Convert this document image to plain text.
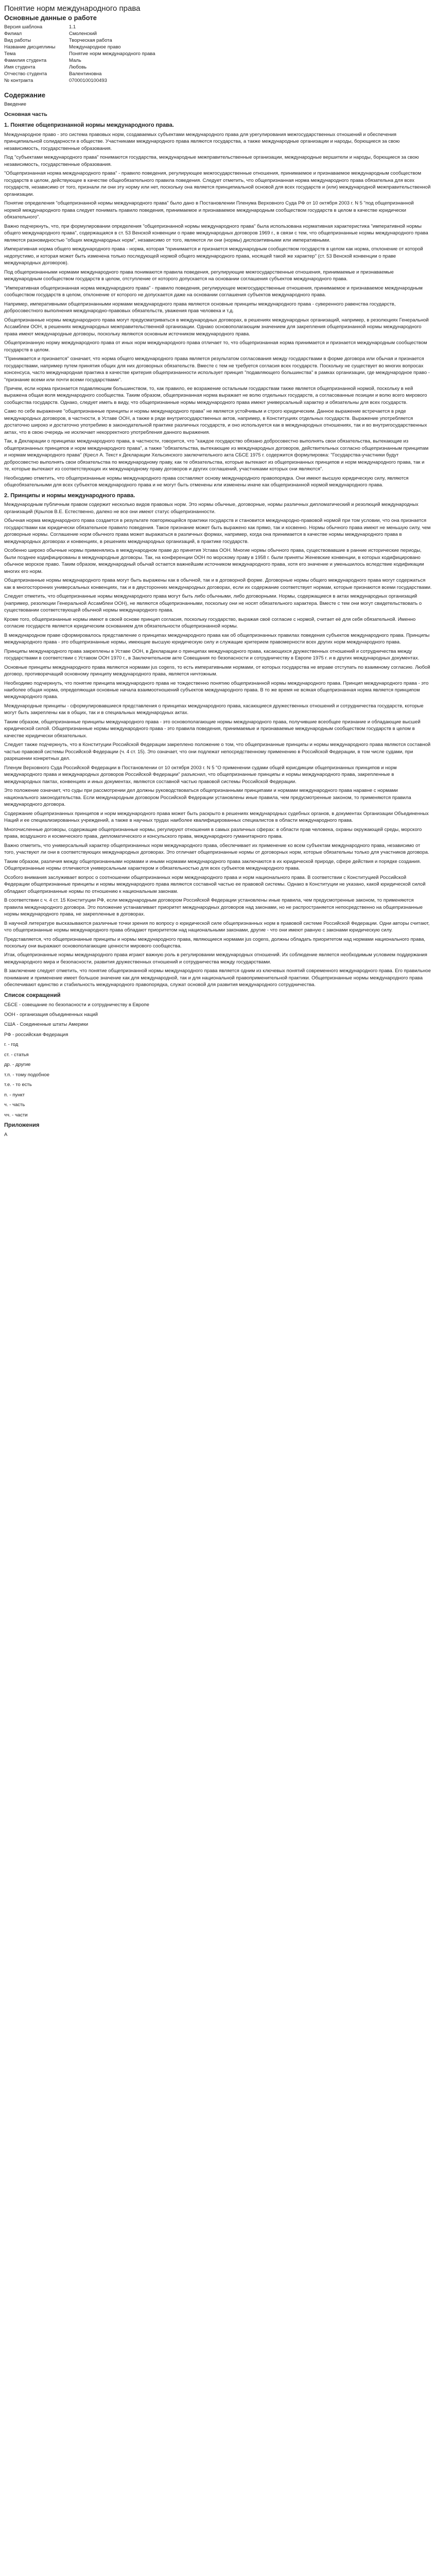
Понятие норм международного права
Основные данные о работе
Версия шаблона	1.1
Филиал	Смоленский
Вид работы	Творческая работа
Название дисциплины	Международное право
Тема	Понятие норм международного права
Фамилия студента	Маль
Имя студента	Любовь
Отчество студента	Валентиновна
№ контракта	07000100100493
Содержание

Введение

Основная часть
1. Понятие общепризнанной нормы международного права.

Международное право - это система правовых норм, создаваемых субъектами международного права для урегулирования межгосударственных отношений и обеспечения принципиальной солидарности в обществе. Участниками международного права являются государства, а также международные организации и народы, борющиеся за свою независимость, государственные образования.

Под "субъектами международного права" понимаются государства, международные межправительственные организации, международные вершители и народы, борющиеся за свою независимость, государственные образования.

"Общепризнанная норма международного права" - правило поведения, регулирующее межгосударственные отношения, принимаемое и признаваемое международным сообществом государств в целом, действующее в качестве общеобязательного правила поведения. Следует отметить, что общепризнанная норма международного права обязательна для всех государств, независимо от того, признали ли они эту норму или нет, поскольку она является принципиальной основой для всех государств и (или) международной межправительственной организации.

Понятие определения "общепризнанной нормы международного права" было дано в Постановлении Пленума Верховного Суда РФ от 10 октября 2003 г. N 5 "под общепризнанной нормой международного права следует понимать правило поведения, принимаемое и признаваемое международным сообществом государств в целом в качестве юридически обязательного".

Важно подчеркнуть, что, при формулировании определения "общепризнанной нормы международного права" была использована нормативная характеристика "императивной нормы общего международного права", содержащаяся в ст. 53 Венской конвенции о праве международных договоров 1969 г., в связи с тем, что общепризнанные нормы международного права являются разновидностью "общих международных норм", независимо от того, являются ли они (нормы) диспозитивными или императивными.

Императивная норма общего международного права - норма, которая "принимается и признается международным сообществом государств в целом как норма, отклонение от которой недопустимо, и которая может быть изменена только последующей нормой общего международного права, носящей такой же характер" (ст. 53 Венской конвенции о праве международных договоров).

Под общепризнанными нормами международного права понимаются правила поведения, регулирующие межгосударственные отношения, принимаемые и признаваемые международным сообществом государств в целом, отступление от которого допускается на основании соглашения субъектов международного права.

"Императивная общепризнанная норма международного права" - правило поведения, регулирующее межгосударственные отношения, принимаемое и признаваемое международным сообществом государств в целом, отклонение от которого не допускается даже на основании соглашения субъектов международного права.

Например, императивными общепризнанными нормами международного права являются основные принципы международного права - суверенного равенства государств, добросовестного выполнения международно-правовых обязательств, уважения прав человека и т.д.

Общепризнанные нормы международного права могут предусматриваться в международных договорах, в решениях международных организаций, например, в резолюциях Генеральной Ассамблеи ООН, в решениях международных межправительственной организации. Однако основополагающим значением для закрепления общепризнанной нормы международного права имеют международные договоры, поскольку являются основным источником международного права.

Общепризнанную норму международного права от иных норм международного права отличает то, что общепризнанная норма принимается и признается международным сообществом государств в целом.

"Принимается и признается" означает, что норма общего международного права является результатом согласования между государствами в форме договора или обычая и признается государствами, например путем принятия общих для них договорных обязательств. Вместе с тем не требуется согласия всех государств. Поскольку не существует во многих вопросах консенсуса, часто международная практика в качестве критерия общепризнанности использует принцип "подавляющего большинства" в рамках организации, где международное право - "признание всеми или почти всеми государствами".

Причем, если норма признается подавляющим большинством, то, как правило, ее возражение остальным государствам также является общепризнанной нормой, поскольку в ней выражена общая воля международного сообщества. Таким образом, общепризнанная норма выражает не волю отдельных государств, а согласованные позиции и волю всего мирового сообщества государств. Однако, следует иметь в виду, что общепризнанные нормы международного права имеют универсальный характер и обязательны для всех государств.

Само по себе выражение "общепризнанные принципы и нормы международного права" не является устойчивым и строго юридическим. Данное выражение встречается в ряде международных договоров, в частности, в Уставе ООН, а также в ряде внутригосударственных актов, например, в Конституциях отдельных государств. Выражение употребляется достаточно широко и достаточно употребимо в законодательной практике различных государств, и оно используется как в международных отношениях, так и во внутригосударственных актах, что в свою очередь не исключает некорректного употребления данного выражения.

Так, в Декларации о принципах международного права, в частности, говорится, что "каждое государство обязано добросовестно выполнять свои обязательства, вытекающие из общепризнанных принципов и норм международного права", а также "обязательства, вытекающие из международных договоров, действительных согласно общепризнанным принципам и нормам международного права" (Кресл А. Текст к Декларации Хельсинского заключительного акта СБСЕ 1975 г. содержится формулировка: "Государства-участники будут добросовестно выполнять свои обязательства по международному праву, как те обязательства, которые вытекают из общепризнанных принципов и норм международного права, так и те, которые вытекают из соответствующих их международному праву договоров и других соглашений, участниками которых они являются".

Необходимо отметить, что общепризнанные нормы международного права составляют основу международного правопорядка. Они имеют высшую юридическую силу, являются общеобязательными для всех субъектов международного права и не могут быть отменены или изменены иначе как общепризнанной нормой международного права.

2. Принципы и нормы международного права.

Международным публичным правом содержит несколько видов правовых норм. Это нормы обычные, договорные, нормы различных дипломатический и резолюций международных организаций (Крылов В.Е. Естественно, далеко не все они имеют статус общепризнанности.

Обычная норма международного права создается в результате повторяющейся практики государств и становится международно-правовой нормой при том условии, что она признается государствами как юридически обязательное правило поведения. Такое признание может быть выражено как прямо, так и косвенно. Нормы обычного права имеют не меньшую силу, чем договорные нормы. Соглашение норм обычного права может выражаться в различных формах, например, когда она принимается в качестве нормы международного права в международных договорах и конвенциях, в решениях международных организаций, в практике государств.

Особенно широко обычные нормы применялись в международном праве до принятия Устава ООН. Многие нормы обычного права, существовавшие в ранние исторические периоды, были позднее кодифицированы в международные договоры. Так, на конференции ООН по морскому праву в 1958 г. были приняты Женевские конвенции, в которых кодифицировано обычное морское право. Таким образом, международный обычай остается важнейшим источником международного права, хотя его значение и уменьшилось вследствие кодификации многих его норм.

Общепризнанные нормы международного права могут быть выражены как в обычной, так и в договорной форме. Договорные нормы общего международного права могут содержаться как в многосторонних универсальных конвенциях, так и в двусторонних международных договорах, если их содержание соответствует нормам, которые признаются всеми государствами.

Следует отметить, что общепризнанные нормы международного права могут быть либо обычными, либо договорными. Нормы, содержащиеся в актах международных организаций (например, резолюции Генеральной Ассамблеи ООН), не являются общепризнанными, поскольку они не носят обязательного характера. Вместе с тем они могут свидетельствовать о существовании соответствующей обычной нормы международного права.

Кроме того, общепризнанные нормы имеют в своей основе принцип согласия, поскольку государство, выражая своё согласие с нормой, считает её для себя обязательной. Именно согласие государств является юридическим основанием для обязательности общепризнанной нормы.

В международном праве сформировалось представление о принципах международного права как об общепризнанных правилах поведения субъектов международного права. Принципы международного права - это общепризнанные нормы, имеющие высшую юридическую силу и служащие критерием правомерности всех других норм международного права.

Принципы международного права закреплены в Уставе ООН, в Декларации о принципах международного права, касающихся дружественных отношений и сотрудничества между государствами в соответствии с Уставом ООН 1970 г., в Заключительном акте Совещания по безопасности и сотрудничеству в Европе 1975 г. и в других международных документах.

Основные принципы международного права являются нормами jus cogens, то есть императивными нормами, от которых государства не вправе отступать по взаимному согласию. Любой договор, противоречащий основному принципу международного права, является ничтожным.

Необходимо подчеркнуть, что понятие принципа международного права не тождественно понятию общепризнанной нормы международного права. Принцип международного права - это наиболее общая норма, определяющая основные начала взаимоотношений субъектов международного права. В то же время не всякая общепризнанная норма является принципом международного права.

Международные принципы - сформулировавшиеся представления о принципах международного права, касающиеся дружественных отношений и сотрудничества государств, которые могут быть закреплены как в общих, так и в специальных международных актах.

Таким образом, общепризнанные принципы международного права - это основополагающие нормы международного права, получившие всеобщее признание и обладающие высшей юридической силой. Общепризнанные нормы международного права - это правила поведения, принимаемые и признаваемые международным сообществом государств в целом в качестве юридически обязательных.

Следует также подчеркнуть, что в Конституции Российской Федерации закреплено положение о том, что общепризнанные принципы и нормы международного права являются составной частью правовой системы Российской Федерации (ч. 4 ст. 15). Это означает, что они подлежат непосредственному применению в Российской Федерации, в том числе судами, при разрешении конкретных дел.

Пленум Верховного Суда Российской Федерации в Постановлении от 10 октября 2003 г. N 5 "О применении судами общей юрисдикции общепризнанных принципов и норм международного права и международных договоров Российской Федерации" разъяснил, что общепризнанные принципы и нормы международного права, закрепленные в международных пактах, конвенциях и иных документах, являются составной частью правовой системы Российской Федерации.

Это положение означает, что суды при рассмотрении дел должны руководствоваться общепризнанными принципами и нормами международного права наравне с нормами национального законодательства. Если международным договором Российской Федерации установлены иные правила, чем предусмотренные законом, то применяются правила международного договора.

Содержание общепризнанных принципов и норм международного права может быть раскрыто в решениях международных судебных органов, в документах Организации Объединенных Наций и ее специализированных учреждений, а также в научных трудах наиболее квалифицированных специалистов в области международного права.

Многочисленные договоры, содержащие общепризнанные нормы, регулируют отношения в самых различных сферах: в области прав человека, охраны окружающей среды, морского права, воздушного и космического права, дипломатического и консульского права, международного гуманитарного права.

Важно отметить, что универсальный характер общепризнанных норм международного права, обеспечивает их применение ко всем субъектам международного права, независимо от того, участвуют ли они в соответствующих международных договорах. Это отличает общепризнанные нормы от договорных норм, которые обязательны только для участников договора.

Таким образом, различия между общепризнанными нормами и иными нормами международного права заключаются в их юридической природе, сфере действия и порядке создания. Общепризнанные нормы отличаются универсальным характером и обязательностью для всех субъектов международного права.

Особого внимания заслуживает вопрос о соотношении общепризнанных норм международного права и норм национального права. В соответствии с Конституцией Российской Федерации общепризнанные принципы и нормы международного права являются составной частью ее правовой системы. Однако в Конституции не указано, какой юридической силой обладают общепризнанные нормы по отношению к национальным законам.

В соответствии с ч. 4 ст. 15 Конституции РФ, если международным договором Российской Федерации установлены иные правила, чем предусмотренные законом, то применяются правила международного договора. Это положение устанавливает приоритет международных договоров над законами, но не распространяется непосредственно на общепризнанные нормы международного права, не закрепленные в договорах.

В научной литературе высказываются различные точки зрения по вопросу о юридической силе общепризнанных норм в правовой системе Российской Федерации. Одни авторы считают, что общепризнанные нормы международного права обладают приоритетом над национальными законами, другие - что они имеют равную с законами юридическую силу.

Представляется, что общепризнанные принципы и нормы международного права, являющиеся нормами jus cogens, должны обладать приоритетом над нормами национального права, поскольку они выражают основополагающие ценности мирового сообщества.

Итак, общепризнанные нормы международного права играют важную роль в регулировании международных отношений. Их соблюдение является необходимым условием поддержания международного мира и безопасности, развития дружественных отношений и сотрудничества между государствами.

В заключение следует отметить, что понятие общепризнанной нормы международного права является одним из ключевых понятий современного международного права. Его правильное понимание и применение имеет большое значение как для международной, так и для национальной правоприменительной практики. Общепризнанные нормы международного права обеспечивают единство и стабильность международного правопорядка, служат основой для развития международного сотрудничества.

Список сокращений

СБСЕ - совещание по безопасности и сотрудничеству в Европе

ООН - организация объединенных наций

США - Соединенные штаты Америки

РФ - российская Федерация

г. - год

ст. - статья

др. - другие

т.п. - тому подобное

т.е. - то есть

п. - пункт

ч. - часть

чч. - части

Приложения

А
